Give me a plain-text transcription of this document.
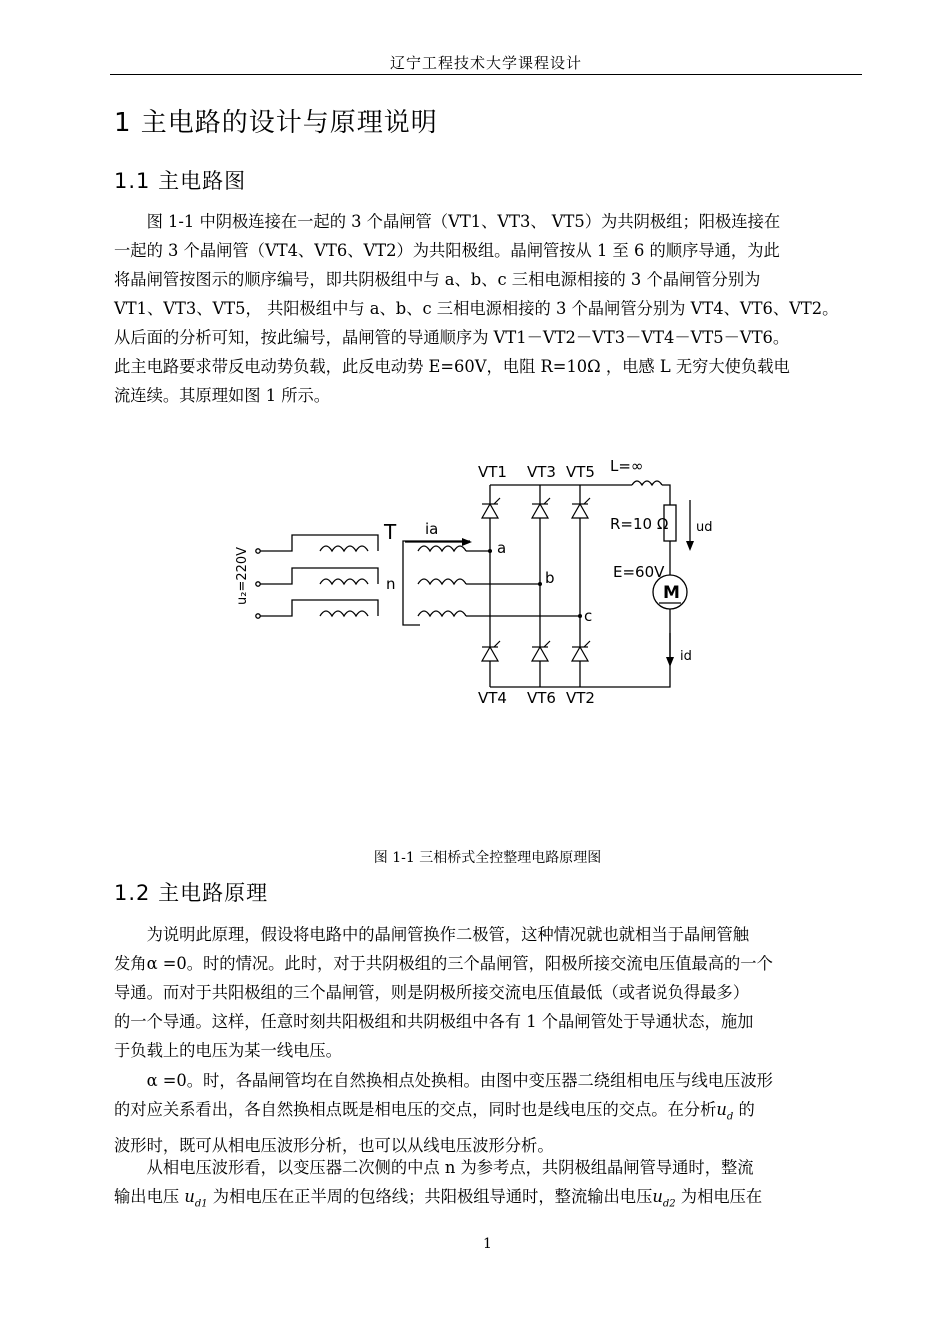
辽宁工程技术大学课程设计
1 主电路的设计与原理说明
1.1 主电路图
图 1-1 中阴极连接在一起的 3 个晶闸管（VT1、VT3、 VT5）为共阴极组；阳极连接在
一起的 3 个晶闸管（VT4、VT6、VT2）为共阳极组。晶闸管按从 1 至 6 的顺序导通，为此
将晶闸管按图示的顺序编号，即共阴极组中与 a、b、c 三相电源相接的 3 个晶闸管分别为
VT1、VT3、VT5， 共阳极组中与 a、b、c 三相电源相接的 3 个晶闸管分别为 VT4、VT6、VT2。
从后面的分析可知，按此编号，晶闸管的导通顺序为 VT1－VT2－VT3－VT4－VT5－VT6。
此主电路要求带反电动势负载，此反电动势 E=60V，电阻 R=10Ω ，电感 L 无穷大使负载电
流连续。其原理如图 1 所示。
VT1 VT3 VT5
VT4 VT6 VT2
L=∞
R=10 Ω
E=60V
M
ud
id
T ia
a
b
c
n
u₂=220V
图 1-1 三相桥式全控整理电路原理图
1.2 主电路原理
为说明此原理，假设将电路中的晶闸管换作二极管，这种情况就也就相当于晶闸管触
发角α =0。时的情况。此时，对于共阴极组的三个晶闸管，阳极所接交流电压值最高的一个
导通。而对于共阳极组的三个晶闸管，则是阴极所接交流电压值最低（或者说负得最多）
的一个导通。这样，任意时刻共阳极组和共阴极组中各有 1 个晶闸管处于导通状态，施加
于负载上的电压为某一线电压。
α =0。时，各晶闸管均在自然换相点处换相。由图中变压器二绕组相电压与线电压波形
的对应关系看出，各自然换相点既是相电压的交点，同时也是线电压的交点。在分析$u_d$ 的
波形时，既可从相电压波形分析，也可以从线电压波形分析。
从相电压波形看，以变压器二次侧的中点 n 为参考点，共阴极组晶闸管导通时，整流
输出电压 $u_{d1}$ 为相电压在正半周的包络线；共阳极组导通时，整流输出电压$u_{d2}$ 为相电压在
1
